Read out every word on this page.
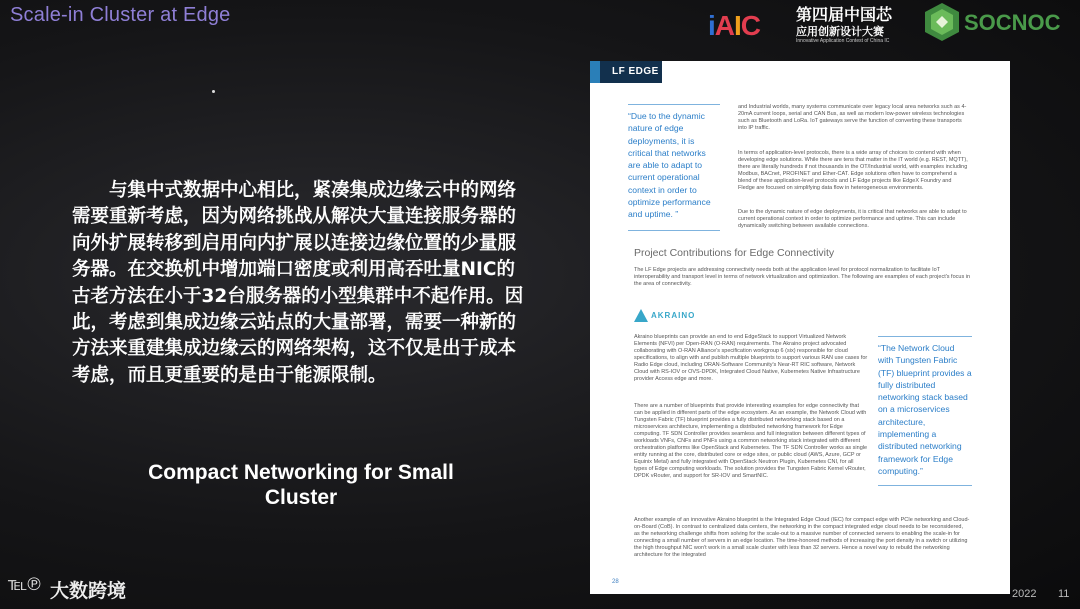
Scale-in Cluster at Edge	iAIC 第四届中国芯
应用创新设计大赛
Innovative Application Contest of China IC
SOCNOC

与集中式数据中心相比，紧凑集成边缘云中的网络需要重新考虑，因为网络挑战从解决大量连接服务器的向外扩展转移到启用向内扩展以连接边缘位置的少量服务器。在交换机中增加端口密度或利用高吞吐量NIC的古老方法在小于32台服务器的小型集群中不起作用。因此，考虑到集成边缘云站点的大量部署，需要一种新的方法来重建集成边缘云的网络架构，这不仅是出于成本考虑，而且更重要的是由于能源限制。

Compact Networking for Small Cluster
LF EDGE
“Due to the dynamic nature of edge deployments, it is critical that networks are able to adapt to current operational context in order to optimize performance and uptime. ”

and Industrial worlds, many systems communicate over legacy local area networks such as 4-20mA current loops, serial and CAN Bus, as well as modern low-power wireless technologies such as Bluetooth and LoRa. IoT gateways serve the function of converting these transports into IP traffic.

In terms of application-level protocols, there is a wide array of choices to contend with when developing edge solutions. While there are tens that matter in the IT world (e.g. REST, MQTT), there are literally hundreds if not thousands in the OT/Industrial world, with examples including Modbus, BACnet, PROFINET and Ether-CAT. Edge solutions often have to comprehend a blend of these application-level protocols and LF Edge projects like EdgeX Foundry and Fledge are focused on simplifying data flow in heterogeneous environments.

Due to the dynamic nature of edge deployments, it is critical that networks are able to adapt to current operational context in order to optimize performance and uptime. This can include dynamically switching between available connections.

Project Contributions for Edge Connectivity

The LF Edge projects are addressing connectivity needs both at the application level for protocol normalization to facilitate IoT interoperability and transport level in terms of network virtualization and optimization. The following are examples of each project's focus in the area of connectivity.

AKRAINO

Akraino blueprints can provide an end to end EdgeStack to support Virtualized Network Elements (NFVI) per Open-RAN (O-RAN) requirements. The Akraino project advocated collaborating with O-RAN Alliance's specification workgroup 6 (six) responsible for cloud specifications, to align with and publish multiple blueprints to support various RAN use cases for Radio Edge cloud, including ORAN-Software Community's Near-RT RIC software, Network Cloud with RS-IOV or OVS-DPDK, Integrated Cloud Native, Kubernetes Native Infrastructure provider Access edge and more.

There are a number of blueprints that provide interesting examples for edge connectivity that can be applied in different parts of the edge ecosystem. As an example, the Network Cloud with Tungsten Fabric (TF) blueprint provides a fully distributed networking stack based on a microservices architecture, implementing a distributed networking framework for Edge computing. TF SDN Controller provides seamless and full integration between different types of workloads VNFs, CNFs and PNFs using a common networking stack integrated with different orchestration platforms like OpenStack and Kubernetes. The TF SDN Controller works as single entity running at the core, distributed core or edge sites, or public cloud (AWS, Azure, GCP or Equinix Metal) and fully integrated with OpenStack Neutron Plugin, Kubernetes CNI, for all types of Edge computing workloads. The solution provides the Tungsten Fabric Kernel vRouter, DPDK vRouter, and support for SR-IOV and SmartNIC.

“The Network Cloud with Tungsten Fabric (TF) blueprint provides a fully distributed networking stack based on a microservices architecture, implementing a distributed networking framework for Edge computing.”

Another example of an innovative Akraino blueprint is the Integrated Edge Cloud (IEC) for compact edge with PCIe networking and Cloud-on-Board (CoB). In contrast to centralized data centers, the networking in the compact integrated edge cloud needs to be reconsidered, as the networking challenge shifts from solving for the scale-out to a massive number of connected servers to enabling the scale-in for connecting a small number of servers in an edge location. The time-honored methods of increasing the port density in a switch or utilizing the high throughput NIC won't work in a small scale cluster with less than 32 servers. Hence a novel way to rebuild the networking architecture for the integrated

28
℡℗ 大数跨境	2022 11
